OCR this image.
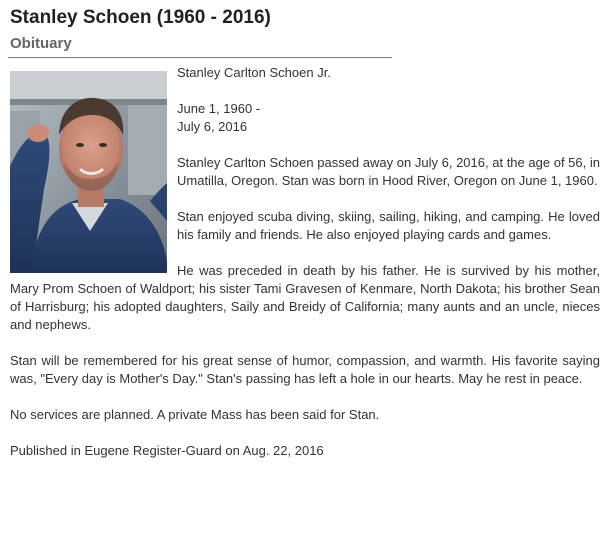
Stanley Schoen (1960 - 2016)
Obituary

Stanley Carlton Schoen Jr.

June 1, 1960 -
July 6, 2016

Stanley Carlton Schoen passed away on July 6, 2016, at the age of 56, in Umatilla, Oregon. Stan was born in Hood River, Oregon on June 1, 1960.

Stan enjoyed scuba diving, skiing, sailing, hiking, and camping. He loved his family and friends. He also enjoyed playing cards and games.

He was preceded in death by his father. He is survived by his mother, Mary Prom Schoen of Waldport; his sister Tami Gravesen of Kenmare, North Dakota; his brother Sean of Harrisburg; his adopted daughters, Saily and Breidy of California; many aunts and an uncle, nieces and nephews.

Stan will be remembered for his great sense of humor, compassion, and warmth. His favorite saying was, "Every day is Mother's Day." Stan's passing has left a hole in our hearts. May he rest in peace.

No services are planned. A private Mass has been said for Stan.

Published in Eugene Register-Guard on Aug. 22, 2016
